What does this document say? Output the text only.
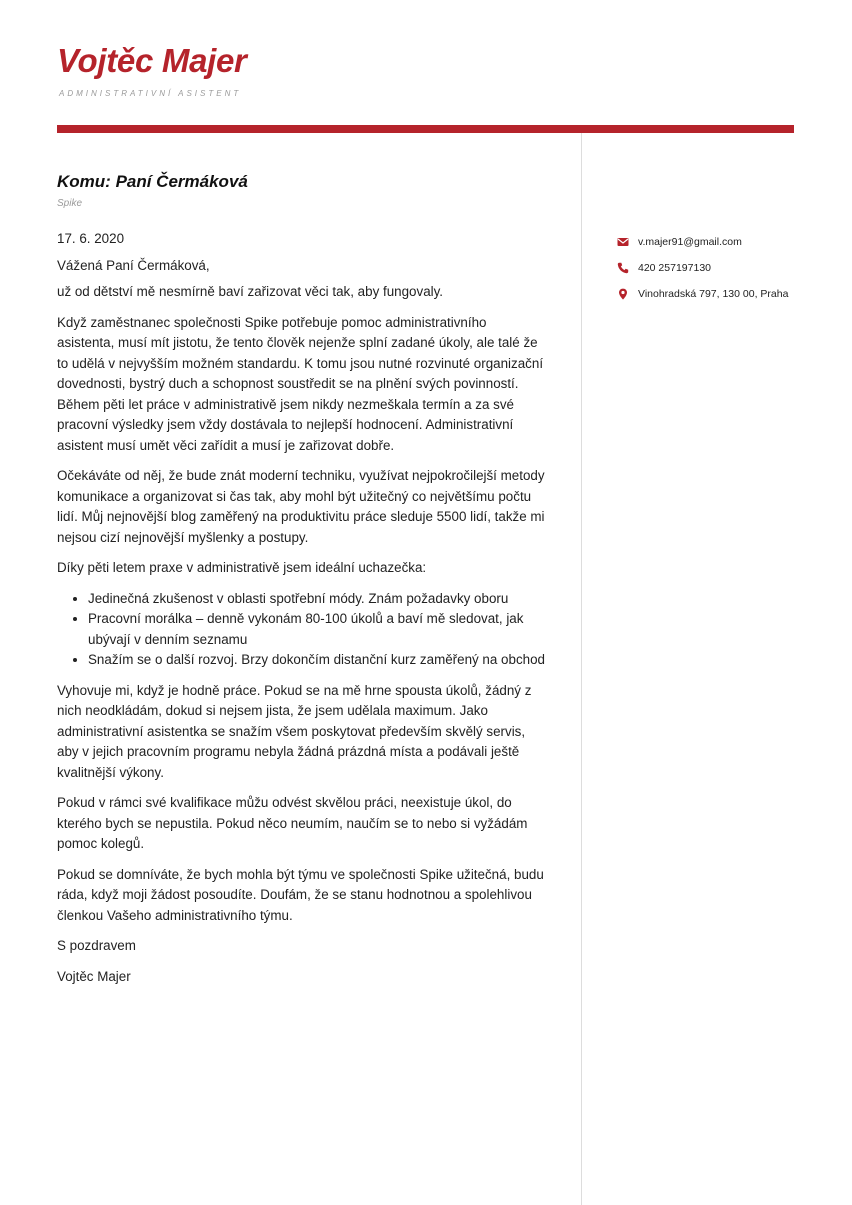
Vojtěc Majer
ADMINISTRATIVNÍ ASISTENT
Komu: Paní Čermáková
Spike

17. 6. 2020

Vážená Paní Čermáková,

už od dětství mě nesmírně baví zařizovat věci tak, aby fungovaly.

Když zaměstnanec společnosti Spike potřebuje pomoc administrativního asistenta, musí mít jistotu, že tento člověk nejenže splní zadané úkoly, ale talé že to udělá v nejvyšším možném standardu. K tomu jsou nutné rozvinuté organizační dovednosti, bystrý duch a schopnost soustředit se na plnění svých povinností. Během pěti let práce v administrativě jsem nikdy nezmeškala termín a za své pracovní výsledky jsem vždy dostávala to nejlepší hodnocení. Administrativní asistent musí umět věci zařídit a musí je zařizovat dobře.

Očekáváte od něj, že bude znát moderní techniku, využívat nejpokročilejší metody komunikace a organizovat si čas tak, aby mohl být užitečný co největšímu počtu lidí. Můj nejnovější blog zaměřený na produktivitu práce sleduje 5500 lidí, takže mi nejsou cizí nejnovější myšlenky a postupy.

Díky pěti letem praxe v administrativě jsem ideální uchazečka:

• Jedinečná zkušenost v oblasti spotřební módy. Znám požadavky oboru
• Pracovní morálka – denně vykonám 80-100 úkolů a baví mě sledovat, jak ubývají v denním seznamu
• Snažím se o další rozvoj. Brzy dokončím distanční kurz zaměřený na obchod

Vyhovuje mi, když je hodně práce. Pokud se na mě hrne spousta úkolů, žádný z nich neodkládám, dokud si nejsem jista, že jsem udělala maximum. Jako administrativní asistentka se snažím všem poskytovat především skvělý servis, aby v jejich pracovním programu nebyla žádná prázdná místa a podávali ještě kvalitnější výkony.

Pokud v rámci své kvalifikace můžu odvést skvělou práci, neexistuje úkol, do kterého bych se nepustila. Pokud něco neumím, naučím se to nebo si vyžádám pomoc kolegů.

Pokud se domníváte, že bych mohla být týmu ve společnosti Spike užitečná, budu ráda, když moji žádost posoudíte. Doufám, že se stanu hodnotnou a spolehlivou členkou Vašeho administrativního týmu.

S pozdravem

Vojtěc Majer

v.majer91@gmail.com
420 257197130
Vinohradská 797, 130 00, Praha
